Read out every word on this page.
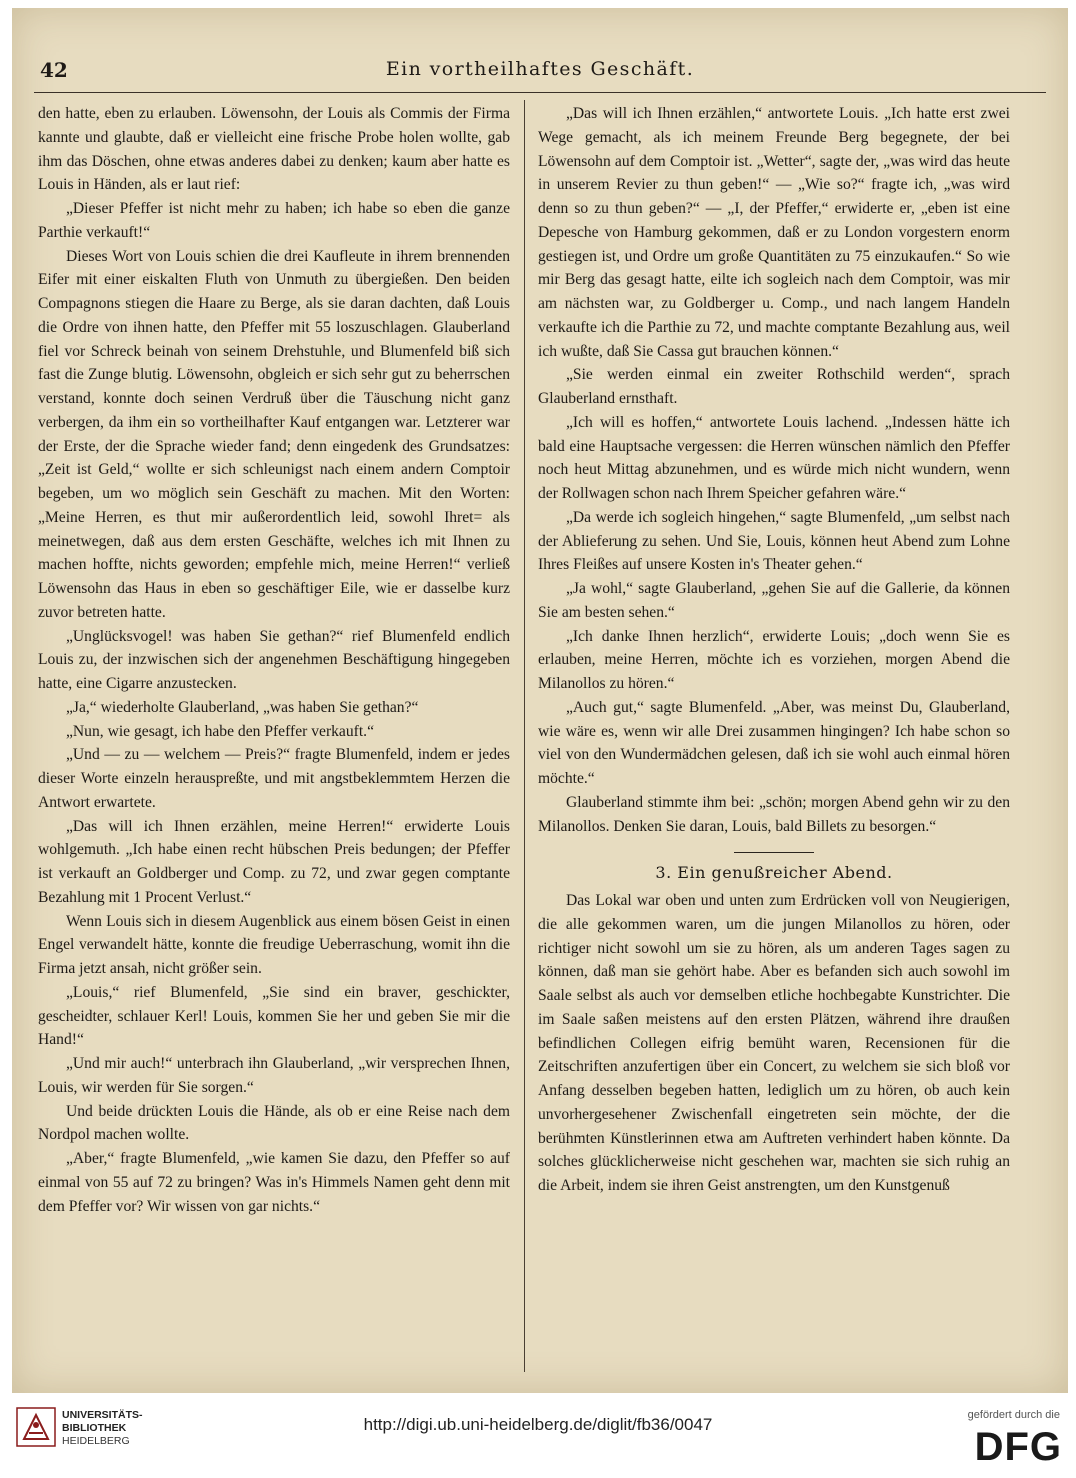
42	Ein vortheilhaftes Geschäft.

den hatte, eben zu erlauben. Löwensohn, der Louis als Commis der Firma kannte und glaubte, daß er vielleicht eine frische Probe holen wollte, gab ihm das Döschen, ohne etwas anderes dabei zu denken; kaum aber hatte es Louis in Händen, als er laut rief:

„Dieser Pfeffer ist nicht mehr zu haben; ich habe so eben die ganze Parthie verkauft!“

Dieses Wort von Louis schien die drei Kaufleute in ihrem brennenden Eifer mit einer eiskalten Fluth von Unmuth zu übergießen. Den beiden Compagnons stiegen die Haare zu Berge, als sie daran dachten, daß Louis die Ordre von ihnen hatte, den Pfeffer mit 55 loszuschlagen. Glauberland fiel vor Schreck beinah von seinem Drehstuhle, und Blumenfeld biß sich fast die Zunge blutig. Löwensohn, obgleich er sich sehr gut zu beherrschen verstand, konnte doch seinen Verdruß über die Täuschung nicht ganz verbergen, da ihm ein so vortheilhafter Kauf entgangen war. Letzterer war der Erste, der die Sprache wieder fand; denn eingedenk des Grundsatzes: „Zeit ist Geld,“ wollte er sich schleunigst nach einem andern Comptoir begeben, um wo möglich sein Geschäft zu machen. Mit den Worten: „Meine Herren, es thut mir außerordentlich leid, sowohl Ihret= als meinetwegen, daß aus dem ersten Geschäfte, welches ich mit Ihnen zu machen hoffte, nichts geworden; empfehle mich, meine Herren!“ verließ Löwensohn das Haus in eben so geschäftiger Eile, wie er dasselbe kurz zuvor betreten hatte.

„Unglücksvogel! was haben Sie gethan?“ rief Blumenfeld endlich Louis zu, der inzwischen sich der angenehmen Beschäftigung hingegeben hatte, eine Cigarre anzustecken.

„Ja,“ wiederholte Glauberland, „was haben Sie gethan?“

„Nun, wie gesagt, ich habe den Pfeffer verkauft.“

„Und — zu — welchem — Preis?“ fragte Blumenfeld, indem er jedes dieser Worte einzeln herauspreßte, und mit angstbeklemmtem Herzen die Antwort erwartete.

„Das will ich Ihnen erzählen, meine Herren!“ erwiderte Louis wohlgemuth. „Ich habe einen recht hübschen Preis bedungen; der Pfeffer ist verkauft an Goldberger und Comp. zu 72, und zwar gegen comptante Bezahlung mit 1 Procent Verlust.“

Wenn Louis sich in diesem Augenblick aus einem bösen Geist in einen Engel verwandelt hätte, konnte die freudige Ueberraschung, womit ihn die Firma jetzt ansah, nicht größer sein.

„Louis,“ rief Blumenfeld, „Sie sind ein braver, geschickter, gescheidter, schlauer Kerl! Louis, kommen Sie her und geben Sie mir die Hand!“

„Und mir auch!“ unterbrach ihn Glauberland, „wir versprechen Ihnen, Louis, wir werden für Sie sorgen.“

Und beide drückten Louis die Hände, als ob er eine Reise nach dem Nordpol machen wollte.

„Aber,“ fragte Blumenfeld, „wie kamen Sie dazu, den Pfeffer so auf einmal von 55 auf 72 zu bringen? Was in's Himmels Namen geht denn mit dem Pfeffer vor? Wir wissen von gar nichts.“

„Das will ich Ihnen erzählen,“ antwortete Louis. „Ich hatte erst zwei Wege gemacht, als ich meinem Freunde Berg begegnete, der bei Löwensohn auf dem Comptoir ist. „Wetter“, sagte der, „was wird das heute in unserem Revier zu thun geben!“ — „Wie so?“ fragte ich, „was wird denn so zu thun geben?“ — „I, der Pfeffer,“ erwiderte er, „eben ist eine Depesche von Hamburg gekommen, daß er zu London vorgestern enorm gestiegen ist, und Ordre um große Quantitäten zu 75 einzukaufen.“ So wie mir Berg das gesagt hatte, eilte ich sogleich nach dem Comptoir, was mir am nächsten war, zu Goldberger u. Comp., und nach langem Handeln verkaufte ich die Parthie zu 72, und machte comptante Bezahlung aus, weil ich wußte, daß Sie Cassa gut brauchen können.“

„Sie werden einmal ein zweiter Rothschild werden“, sprach Glauberland ernsthaft.

„Ich will es hoffen,“ antwortete Louis lachend. „Indessen hätte ich bald eine Hauptsache vergessen: die Herren wünschen nämlich den Pfeffer noch heut Mittag abzunehmen, und es würde mich nicht wundern, wenn der Rollwagen schon nach Ihrem Speicher gefahren wäre.“

„Da werde ich sogleich hingehen,“ sagte Blumenfeld, „um selbst nach der Ablieferung zu sehen. Und Sie, Louis, können heut Abend zum Lohne Ihres Fleißes auf unsere Kosten in's Theater gehen.“

„Ja wohl,“ sagte Glauberland, „gehen Sie auf die Gallerie, da können Sie am besten sehen.“

„Ich danke Ihnen herzlich“, erwiderte Louis; „doch wenn Sie es erlauben, meine Herren, möchte ich es vorziehen, morgen Abend die Milanollos zu hören.“

„Auch gut,“ sagte Blumenfeld. „Aber, was meinst Du, Glauberland, wie wäre es, wenn wir alle Drei zusammen hingingen? Ich habe schon so viel von den Wundermädchen gelesen, daß ich sie wohl auch einmal hören möchte.“

Glauberland stimmte ihm bei: „schön; morgen Abend gehn wir zu den Milanollos. Denken Sie daran, Louis, bald Billets zu besorgen.“

3. Ein genußreicher Abend.

Das Lokal war oben und unten zum Erdrücken voll von Neugierigen, die alle gekommen waren, um die jungen Milanollos zu hören, oder richtiger nicht sowohl um sie zu hören, als um anderen Tages sagen zu können, daß man sie gehört habe. Aber es befanden sich auch sowohl im Saale selbst als auch vor demselben etliche hochbegabte Kunstrichter. Die im Saale saßen meistens auf den ersten Plätzen, während ihre draußen befindlichen Collegen eifrig bemüht waren, Recensionen für die Zeitschriften anzufertigen über ein Concert, zu welchem sie sich bloß vor Anfang desselben begeben hatten, lediglich um zu hören, ob auch kein unvorhergesehener Zwischenfall eingetreten sein möchte, der die berühmten Künstlerinnen etwa am Auftreten verhindert haben könnte. Da solches glücklicherweise nicht geschehen war, machten sie sich ruhig an die Arbeit, indem sie ihren Geist anstrengten, um den Kunstgenuß

UNIVERSITÄTS-
BIBLIOTHEK
HEIDELBERG
http://digi.ub.uni-heidelberg.de/diglit/fb36/0047	gefördert durch die
DFG
